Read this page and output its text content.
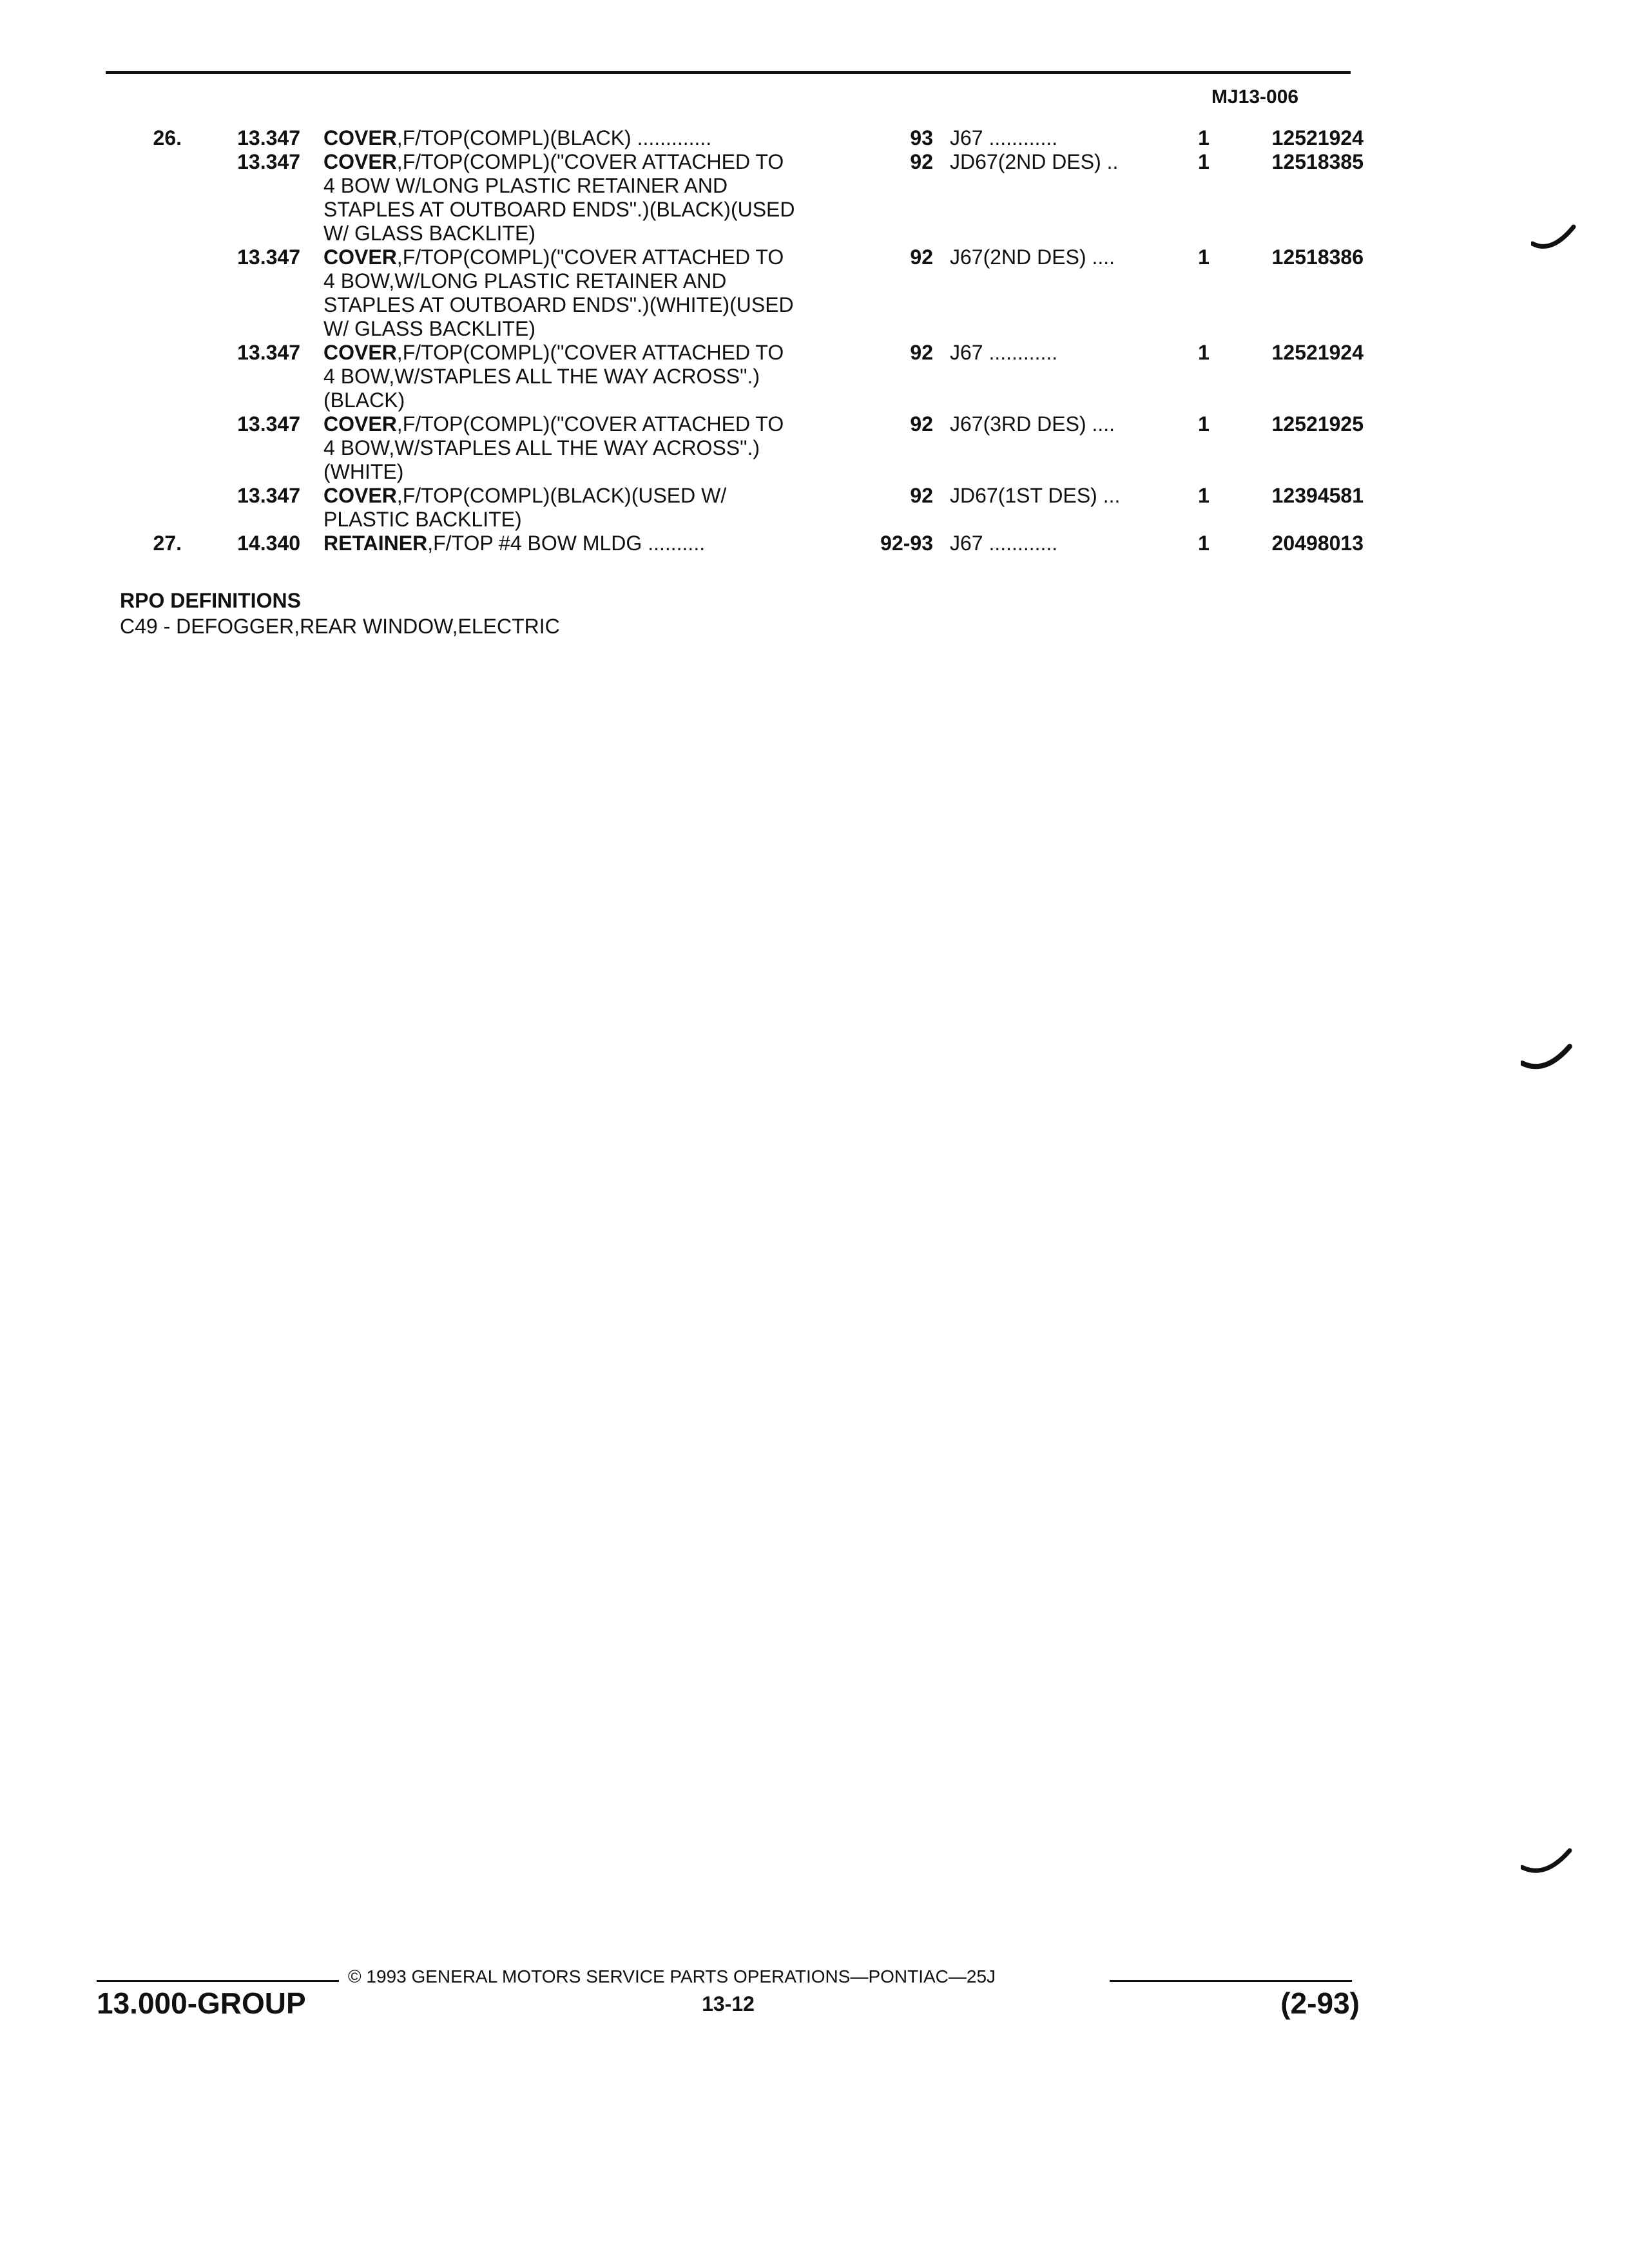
MJ13-006
26.	13.347 COVER,F/TOP(COMPL)(BLACK) .............	93 J67 ............	1	12521924
13.347 COVER,F/TOP(COMPL)("COVER ATTACHED TO
4 BOW W/LONG PLASTIC RETAINER AND
STAPLES AT OUTBOARD ENDS".)(BLACK)(USED
W/ GLASS BACKLITE)
92 JD67(2ND DES) ..	1	12518385
13.347 COVER,F/TOP(COMPL)("COVER ATTACHED TO
4 BOW,W/LONG PLASTIC RETAINER AND
STAPLES AT OUTBOARD ENDS".)(WHITE)(USED
W/ GLASS BACKLITE)
92 J67(2ND DES) ....	1	12518386
13.347 COVER,F/TOP(COMPL)("COVER ATTACHED TO
4 BOW,W/STAPLES ALL THE WAY ACROSS".)
(BLACK)
92 J67 ............	1	12521924
13.347 COVER,F/TOP(COMPL)("COVER ATTACHED TO
4 BOW,W/STAPLES ALL THE WAY ACROSS".)
(WHITE)
92 J67(3RD DES) ....	1	12521925
13.347 COVER,F/TOP(COMPL)(BLACK)(USED W/
PLASTIC BACKLITE)
92 JD67(1ST DES) ...	1	12394581
27.	14.340 RETAINER,F/TOP #4 BOW MLDG ..........	92-93 J67 ............	1	20498013
RPO DEFINITIONS
C49 - DEFOGGER,REAR WINDOW,ELECTRIC
© 1993 GENERAL MOTORS SERVICE PARTS OPERATIONS—PONTIAC—25J
13-12
13.000-GROUP	(2-93)
